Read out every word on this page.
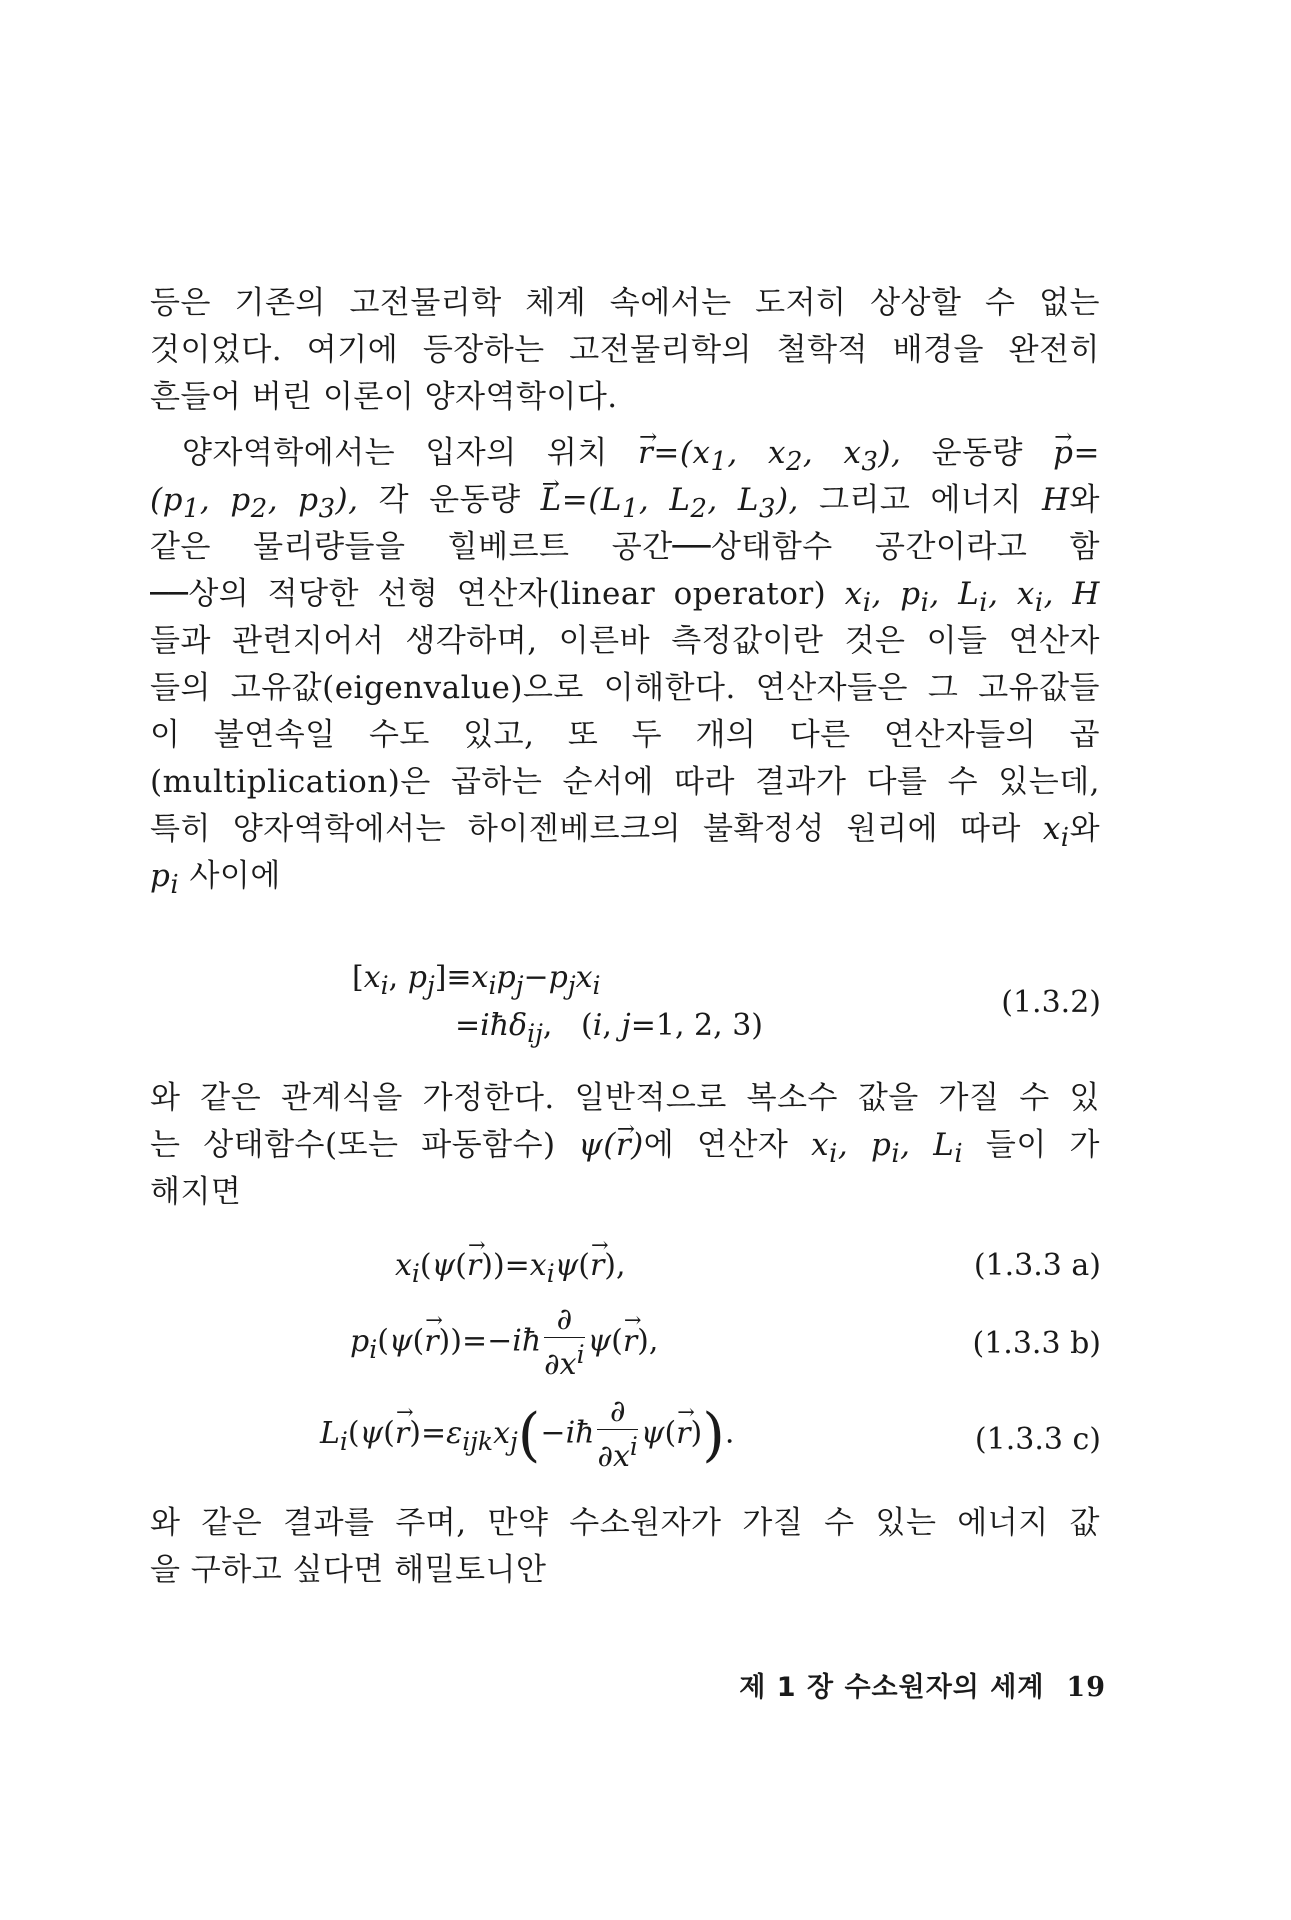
등은 기존의 고전물리학 체계 속에서는 도저히 상상할 수 없는
것이었다. 여기에 등장하는 고전물리학의 철학적 배경을 완전히
흔들어 버린 이론이 양자역학이다.
양자역학에서는 입자의 위치 → $r=(x_1$, $x_2$, $x_3$), 운동량 → p=
($p_1$, $p_2$, $p_3$), 각 운동량 → $L=(L_1$, $L_2$, $L_3$), 그리고 에너지 H와
같은 물리량들을 힐베르트 공간──상태함수 공간이라고 함
──상의 적당한 선형 연산자(linear operator) $x_i$, $p_i$, $L_i$, $x_i$, H
들과 관련지어서 생각하며, 이른바 측정값이란 것은 이들 연산자
들의 고유값(eigenvalue)으로 이해한다. 연산자들은 그 고유값들
이 불연속일 수도 있고, 또 두 개의 다른 연산자들의 곱
(multiplication)은 곱하는 순서에 따라 결과가 다를 수 있는데,
특히 양자역학에서는 하이젠베르크의 불확정성 원리에 따라 $x_i$와
$p_i$ 사이에
[$x_i$, $p_j]\equiv x_ip_j-p_jx_i$
=iħδ$_{ij}$,   (i, j=1, 2, 3)
(1.3.2)
와 같은 관계식을 가정한다. 일반적으로 복소수 값을 가질 수 있
는 상태함수(또는 파동함수) ψ(→ r)에 연산자 $x_i$, $p_i$, $L_i$ 들이 가
해지면
$x_i(\psi(\to r))=x_i\psi(\to r)$,	(1.3.3 a)
$p_i(\psi(\to$ r))=−iħ $\frac{\partial}{\partial x^i} \psi(\to r)$,	(1.3.3 b)
$L_i(\psi(\to$ $r)=\varepsilon_{ijk}x_j(-iħ \frac{\partial}{\partial x^i} \psi(\to r))$.	(1.3.3 c)
와 같은 결과를 주며, 만약 수소원자가 가질 수 있는 에너지 값
을 구하고 싶다면 해밀토니안
제 1 장 수소원자의 세계 19
